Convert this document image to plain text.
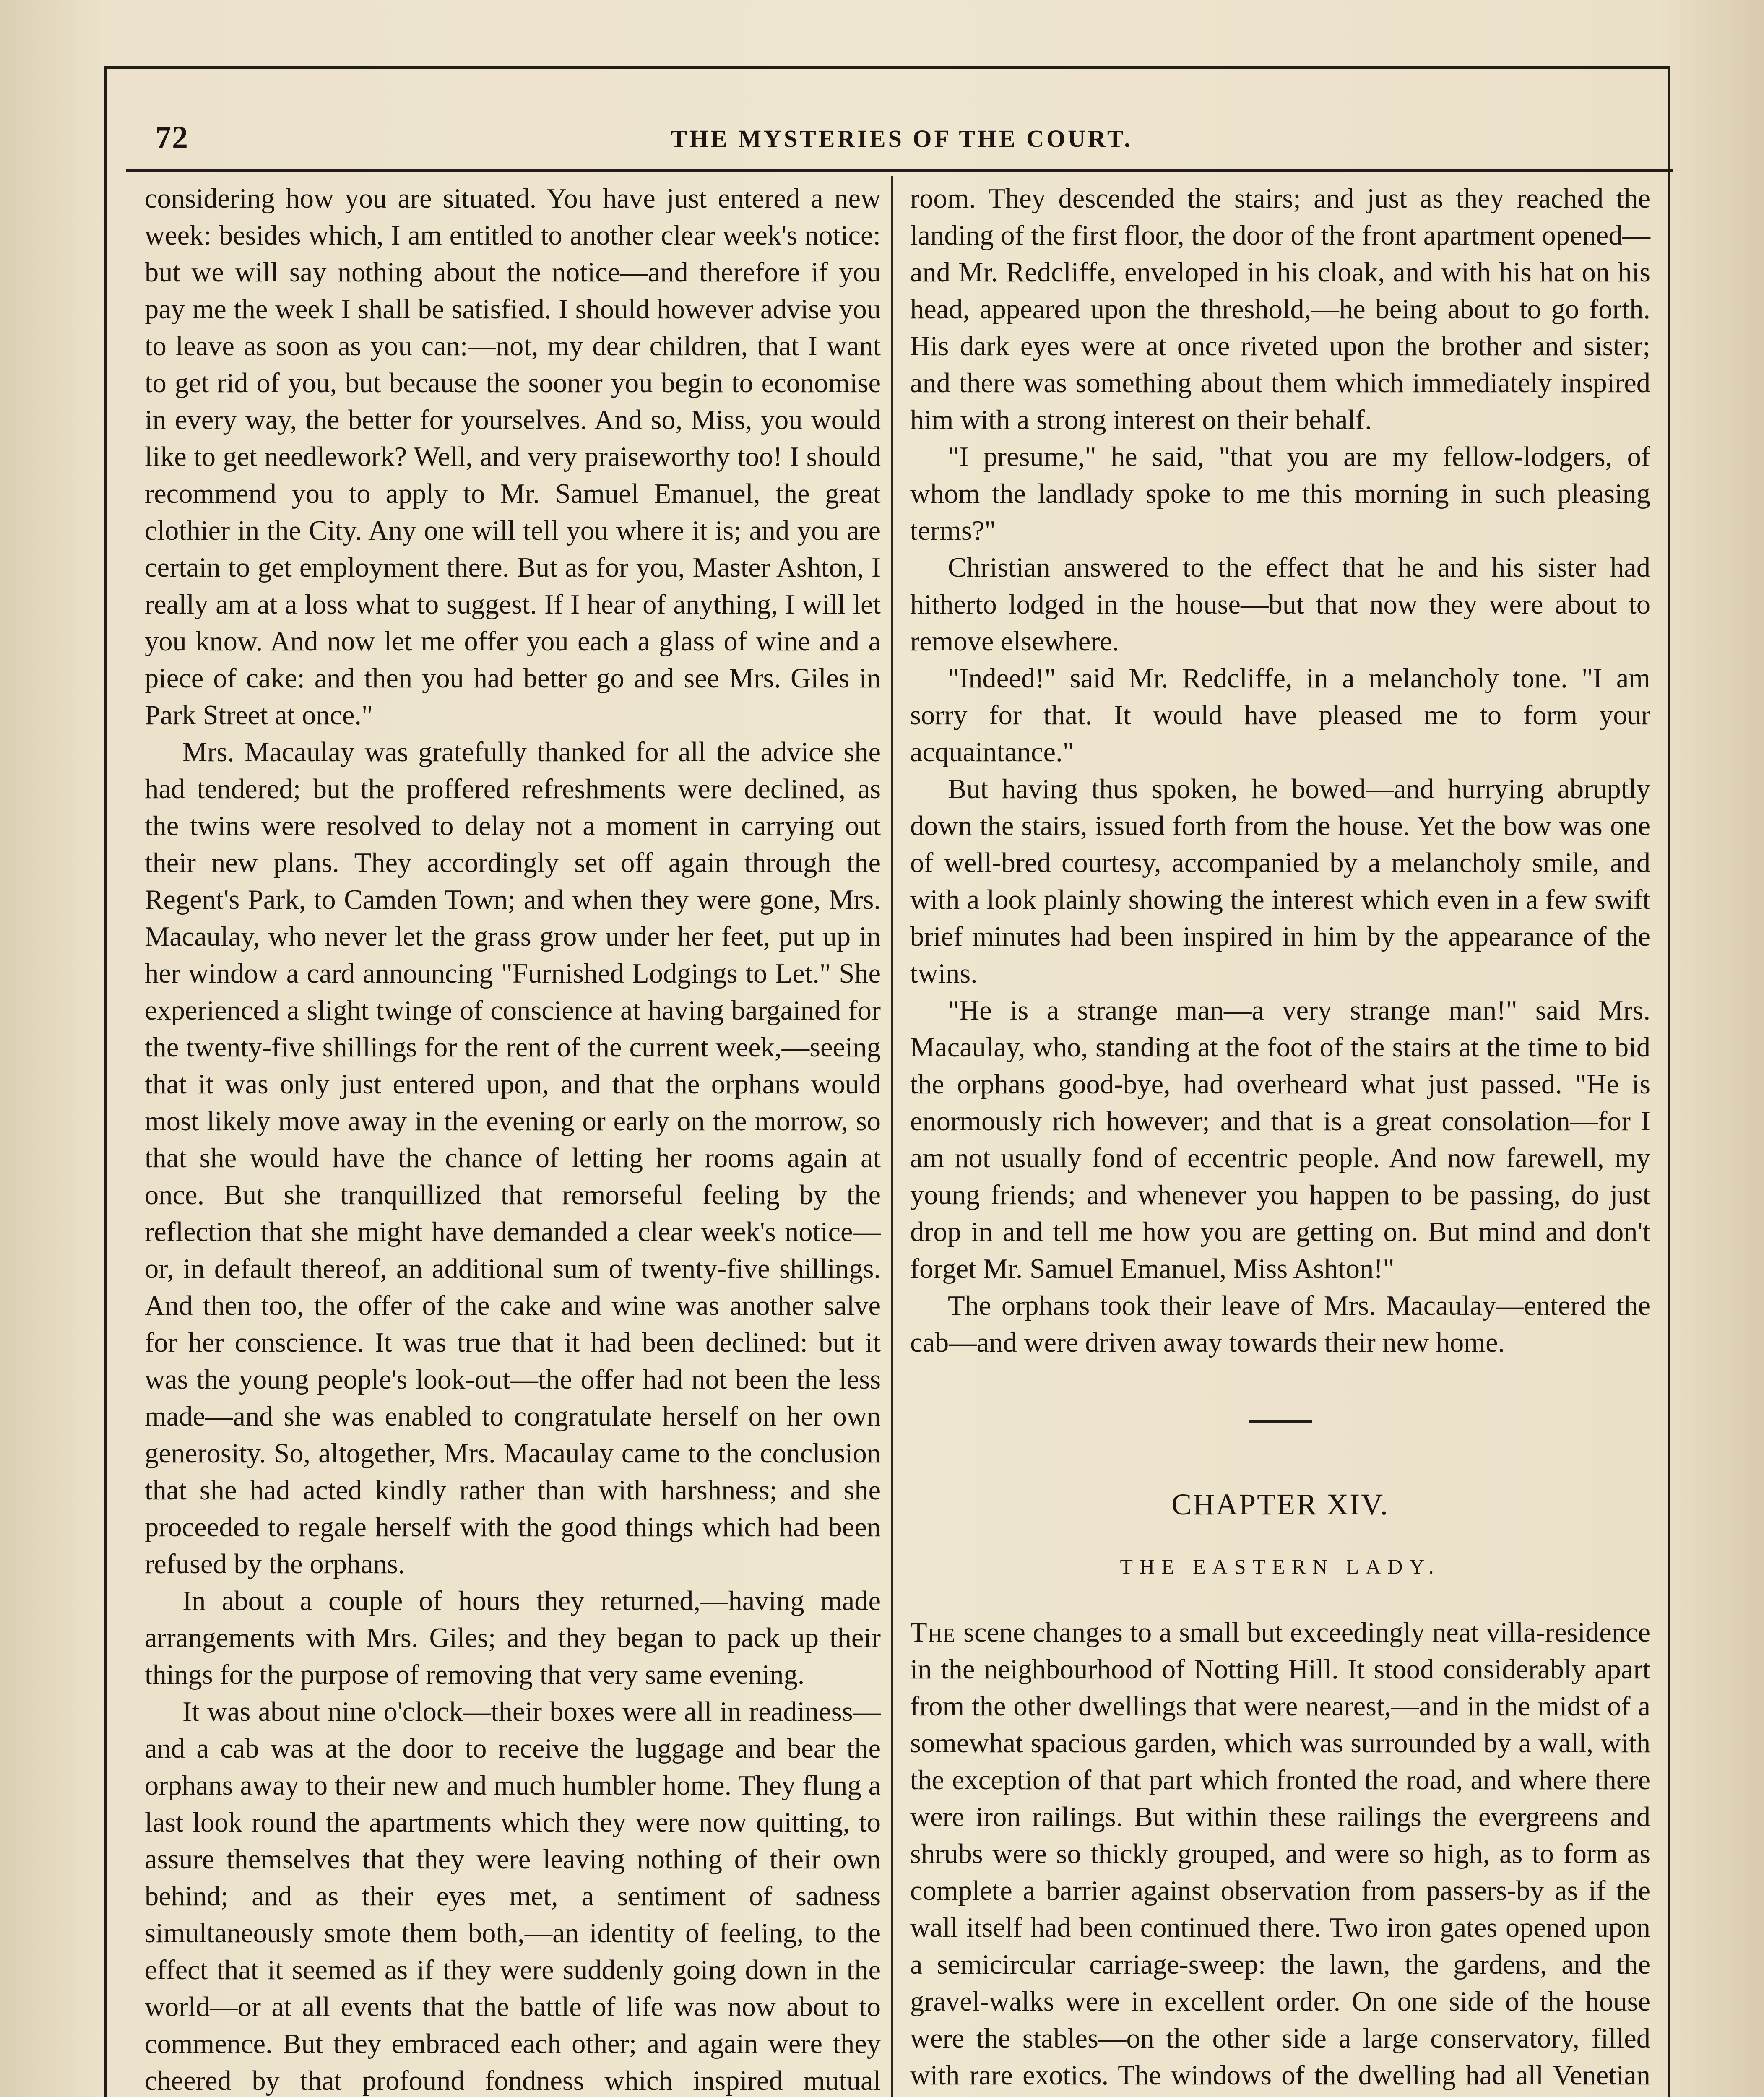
72	THE MYSTERIES OF THE COURT.

considering how you are situated. You have just entered a new week: besides which, I am entitled to another clear week's notice: but we will say nothing about the notice—and therefore if you pay me the week I shall be satisfied. I should however advise you to leave as soon as you can:—not, my dear children, that I want to get rid of you, but because the sooner you begin to economise in every way, the better for yourselves. And so, Miss, you would like to get needlework? Well, and very praiseworthy too! I should recommend you to apply to Mr. Samuel Emanuel, the great clothier in the City. Any one will tell you where it is; and you are certain to get employment there. But as for you, Master Ashton, I really am at a loss what to suggest. If I hear of anything, I will let you know. And now let me offer you each a glass of wine and a piece of cake: and then you had better go and see Mrs. Giles in Park Street at once."

Mrs. Macaulay was gratefully thanked for all the advice she had tendered; but the proffered refreshments were declined, as the twins were resolved to delay not a moment in carrying out their new plans. They accordingly set off again through the Regent's Park, to Camden Town; and when they were gone, Mrs. Macaulay, who never let the grass grow under her feet, put up in her window a card announcing "Furnished Lodgings to Let." She experienced a slight twinge of conscience at having bargained for the twenty-five shillings for the rent of the current week,—seeing that it was only just entered upon, and that the orphans would most likely move away in the evening or early on the morrow, so that she would have the chance of letting her rooms again at once. But she tranquillized that remorseful feeling by the reflection that she might have demanded a clear week's notice—or, in default thereof, an additional sum of twenty-five shillings. And then too, the offer of the cake and wine was another salve for her conscience. It was true that it had been declined: but it was the young people's look-out—the offer had not been the less made—and she was enabled to congratulate herself on her own generosity. So, altogether, Mrs. Macaulay came to the conclusion that she had acted kindly rather than with harshness; and she proceeded to regale herself with the good things which had been refused by the orphans.

In about a couple of hours they returned,—having made arrangements with Mrs. Giles; and they began to pack up their things for the purpose of removing that very same evening.

It was about nine o'clock—their boxes were all in readiness—and a cab was at the door to receive the luggage and bear the orphans away to their new and much humbler home. They flung a last look round the apartments which they were now quitting, to assure themselves that they were leaving nothing of their own behind; and as their eyes met, a sentiment of sadness simultaneously smote them both,—an identity of feeling, to the effect that it seemed as if they were suddenly going down in the world—or at all events that the battle of life was now about to commence. But they embraced each other; and again were they cheered by that profound fondness which inspired mutual

room. They descended the stairs; and just as they reached the landing of the first floor, the door of the front apartment opened—and Mr. Redcliffe, enveloped in his cloak, and with his hat on his head, appeared upon the threshold,—he being about to go forth. His dark eyes were at once riveted upon the brother and sister; and there was something about them which immediately inspired him with a strong interest on their behalf.

"I presume," he said, "that you are my fellow-lodgers, of whom the landlady spoke to me this morning in such pleasing terms?"

Christian answered to the effect that he and his sister had hitherto lodged in the house—but that now they were about to remove elsewhere.

"Indeed!" said Mr. Redcliffe, in a melancholy tone. "I am sorry for that. It would have pleased me to form your acquaintance."

But having thus spoken, he bowed—and hurrying abruptly down the stairs, issued forth from the house. Yet the bow was one of well-bred courtesy, accompanied by a melancholy smile, and with a look plainly showing the interest which even in a few swift brief minutes had been inspired in him by the appearance of the twins.

"He is a strange man—a very strange man!" said Mrs. Macaulay, who, standing at the foot of the stairs at the time to bid the orphans good-bye, had overheard what just passed. "He is enormously rich however; and that is a great consolation—for I am not usually fond of eccentric people. And now farewell, my young friends; and whenever you happen to be passing, do just drop in and tell me how you are getting on. But mind and don't forget Mr. Samuel Emanuel, Miss Ashton!"

The orphans took their leave of Mrs. Macaulay—entered the cab—and were driven away towards their new home.

CHAPTER XIV.
THE EASTERN LADY.

The scene changes to a small but exceedingly neat villa-residence in the neighbourhood of Notting Hill. It stood considerably apart from the other dwellings that were nearest,—and in the midst of a somewhat spacious garden, which was surrounded by a wall, with the exception of that part which fronted the road, and where there were iron railings. But within these railings the evergreens and shrubs were so thickly grouped, and were so high, as to form as complete a barrier against observation from passers-by as if the wall itself had been continued there. Two iron gates opened upon a semicircular carriage-sweep: the lawn, the gardens, and the gravel-walks were in excellent order. On one side of the house were the stables—on the other side a large conservatory, filled with rare exotics. The windows of the dwelling had all Venetian
